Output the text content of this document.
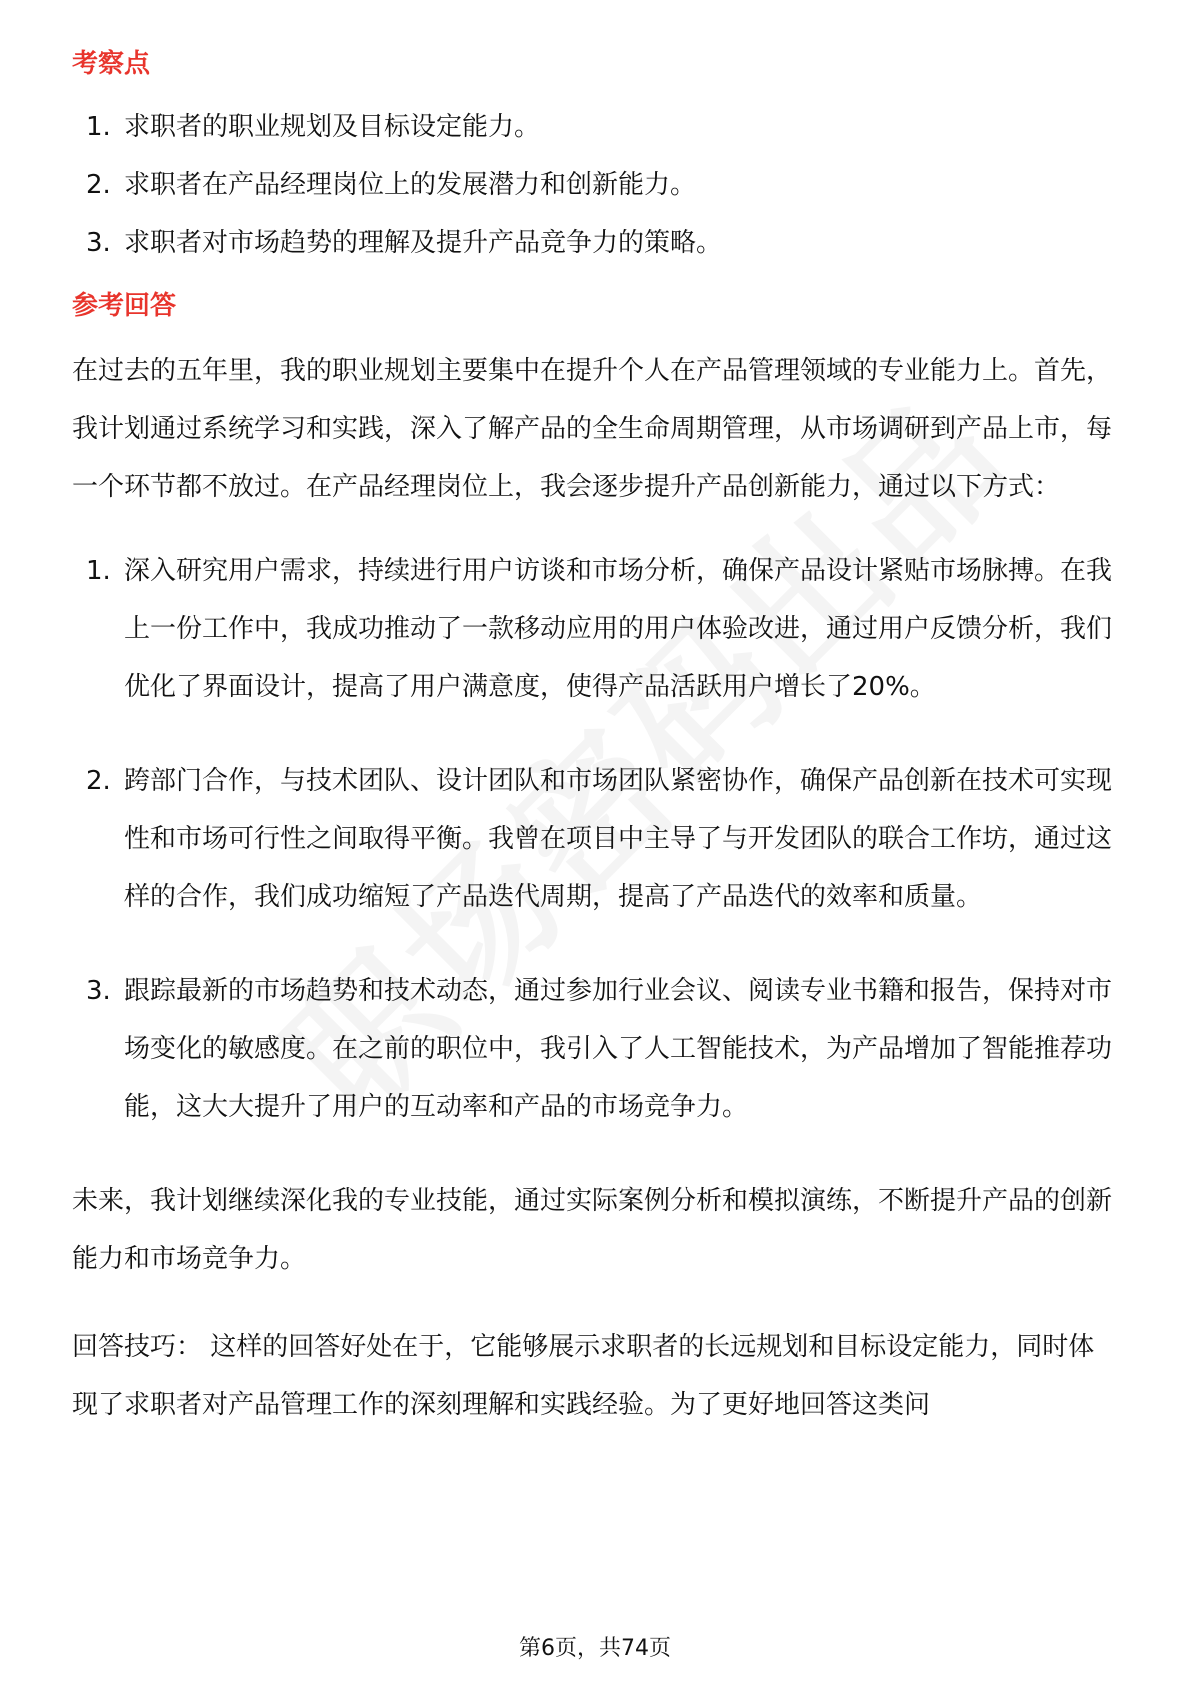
考察点
1. 求职者的职业规划及目标设定能力。
2. 求职者在产品经理岗位上的发展潜力和创新能力。
3. 求职者对市场趋势的理解及提升产品竞争力的策略。
参考回答

在过去的五年里，我的职业规划主要集中在提升个人在产品管理领域的专业能力上。首先，我计划通过系统学习和实践，深入了解产品的全生命周期管理，从市场调研到产品上市，每一个环节都不放过。在产品经理岗位上，我会逐步提升产品创新能力，通过以下方式：

1. 深入研究用户需求，持续进行用户访谈和市场分析，确保产品设计紧贴市场脉搏。在我上一份工作中，我成功推动了一款移动应用的用户体验改进，通过用户反馈分析，我们优化了界面设计，提高了用户满意度，使得产品活跃用户增长了20%。
2. 跨部门合作，与技术团队、设计团队和市场团队紧密协作，确保产品创新在技术可实现性和市场可行性之间取得平衡。我曾在项目中主导了与开发团队的联合工作坊，通过这样的合作，我们成功缩短了产品迭代周期，提高了产品迭代的效率和质量。
3. 跟踪最新的市场趋势和技术动态，通过参加行业会议、阅读专业书籍和报告，保持对市场变化的敏感度。在之前的职位中，我引入了人工智能技术，为产品增加了智能推荐功能，这大大提升了用户的互动率和产品的市场竞争力。

未来，我计划继续深化我的专业技能，通过实际案例分析和模拟演练，不断提升产品的创新能力和市场竞争力。

回答技巧： 这样的回答好处在于，它能够展示求职者的长远规划和目标设定能力，同时体现了求职者对产品管理工作的深刻理解和实践经验。为了更好地回答这类问

第6页，共74页
